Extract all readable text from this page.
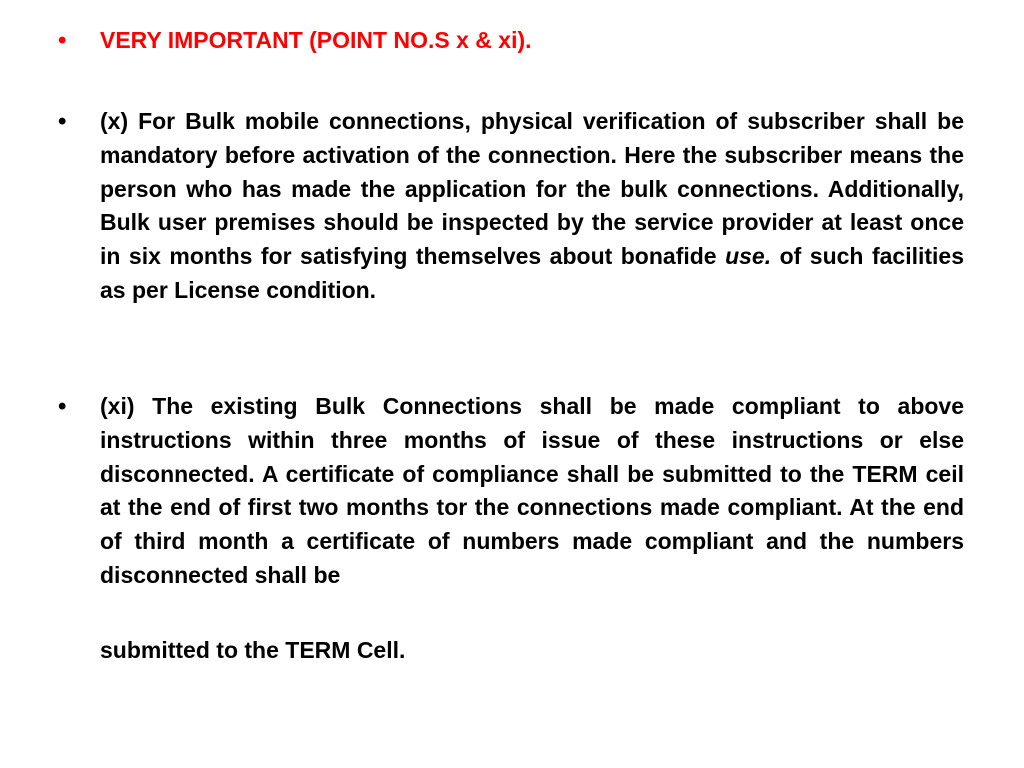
• VERY IMPORTANT (POINT NO.S x & xi).
• (x) For Bulk mobile connections, physical verification of subscriber shall be mandatory before activation of the connection. Here the subscriber means the person who has made the application for the bulk connections. Additionally, Bulk user premises should be inspected by the service provider at least once in six months for satisfying themselves about bonafide use. of such facilities as per License condition.
• (xi) The existing Bulk Connections shall be made compliant to above instructions within three months of issue of these instructions or else disconnected. A certificate of compliance shall be submitted to the TERM ceil at the end of first two months tor the connections made compliant. At the end of third month a certificate of numbers made compliant and the numbers disconnected shall be
submitted to the TERM Cell.
